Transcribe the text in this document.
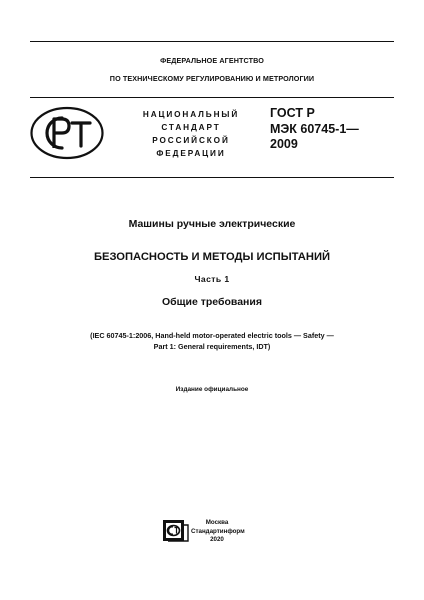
ФЕДЕРАЛЬНОЕ АГЕНТСТВО
ПО ТЕХНИЧЕСКОМУ РЕГУЛИРОВАНИЮ И МЕТРОЛОГИИ
НАЦИОНАЛЬНЫЙ
СТАНДАРТ
РОССИЙСКОЙ
ФЕДЕРАЦИИ
ГОСТ Р
МЭК 60745-1—
2009
Машины ручные электрические
БЕЗОПАСНОСТЬ И МЕТОДЫ ИСПЫТАНИЙ
Часть 1
Общие требования
(IEC 60745-1:2006, Hand-held motor-operated electric tools — Safety —
Part 1: General requirements, IDT)
Издание официальное
Москва
Стандартинформ
2020
